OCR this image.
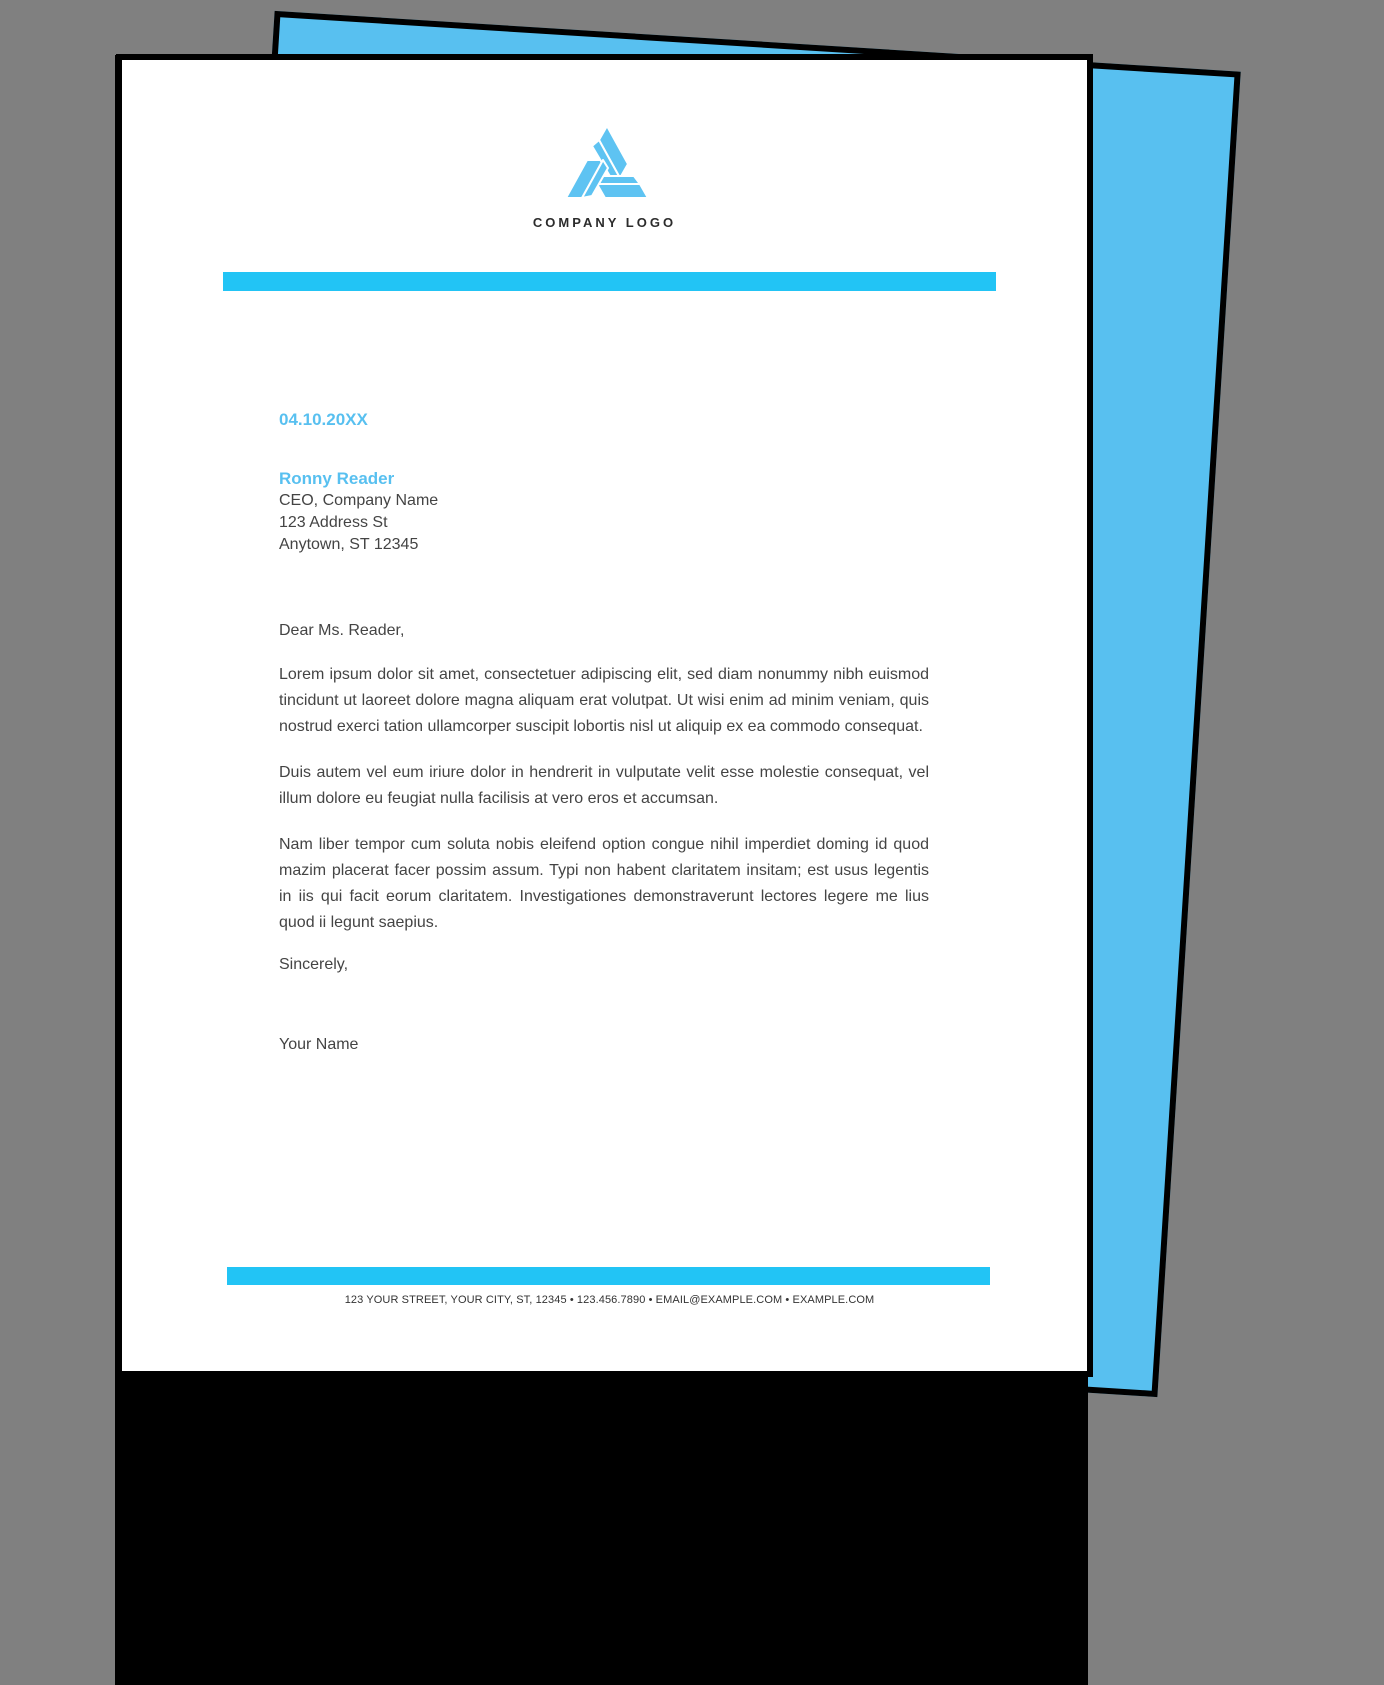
COMPANY LOGO
04.10.20XX
Ronny Reader
CEO, Company Name
123 Address St
Anytown, ST 12345
Dear Ms. Reader,
Lorem ipsum dolor sit amet, consectetuer adipiscing elit, sed diam nonummy nibh euismod tincidunt ut laoreet dolore magna aliquam erat volutpat. Ut wisi enim ad minim veniam, quis nostrud exerci tation ullamcorper suscipit lobortis nisl ut aliquip ex ea commodo consequat.
Duis autem vel eum iriure dolor in hendrerit in vulputate velit esse molestie consequat, vel illum dolore eu feugiat nulla facilisis at vero eros et accumsan.
Nam liber tempor cum soluta nobis eleifend option congue nihil imperdiet doming id quod mazim placerat facer possim assum. Typi non habent claritatem insitam; est usus legentis in iis qui facit eorum claritatem. Investigationes demonstraverunt lectores legere me lius quod ii legunt saepius.
Sincerely,
Your Name
123 YOUR STREET, YOUR CITY, ST, 12345 • 123.456.7890 • EMAIL@EXAMPLE.COM • EXAMPLE.COM
